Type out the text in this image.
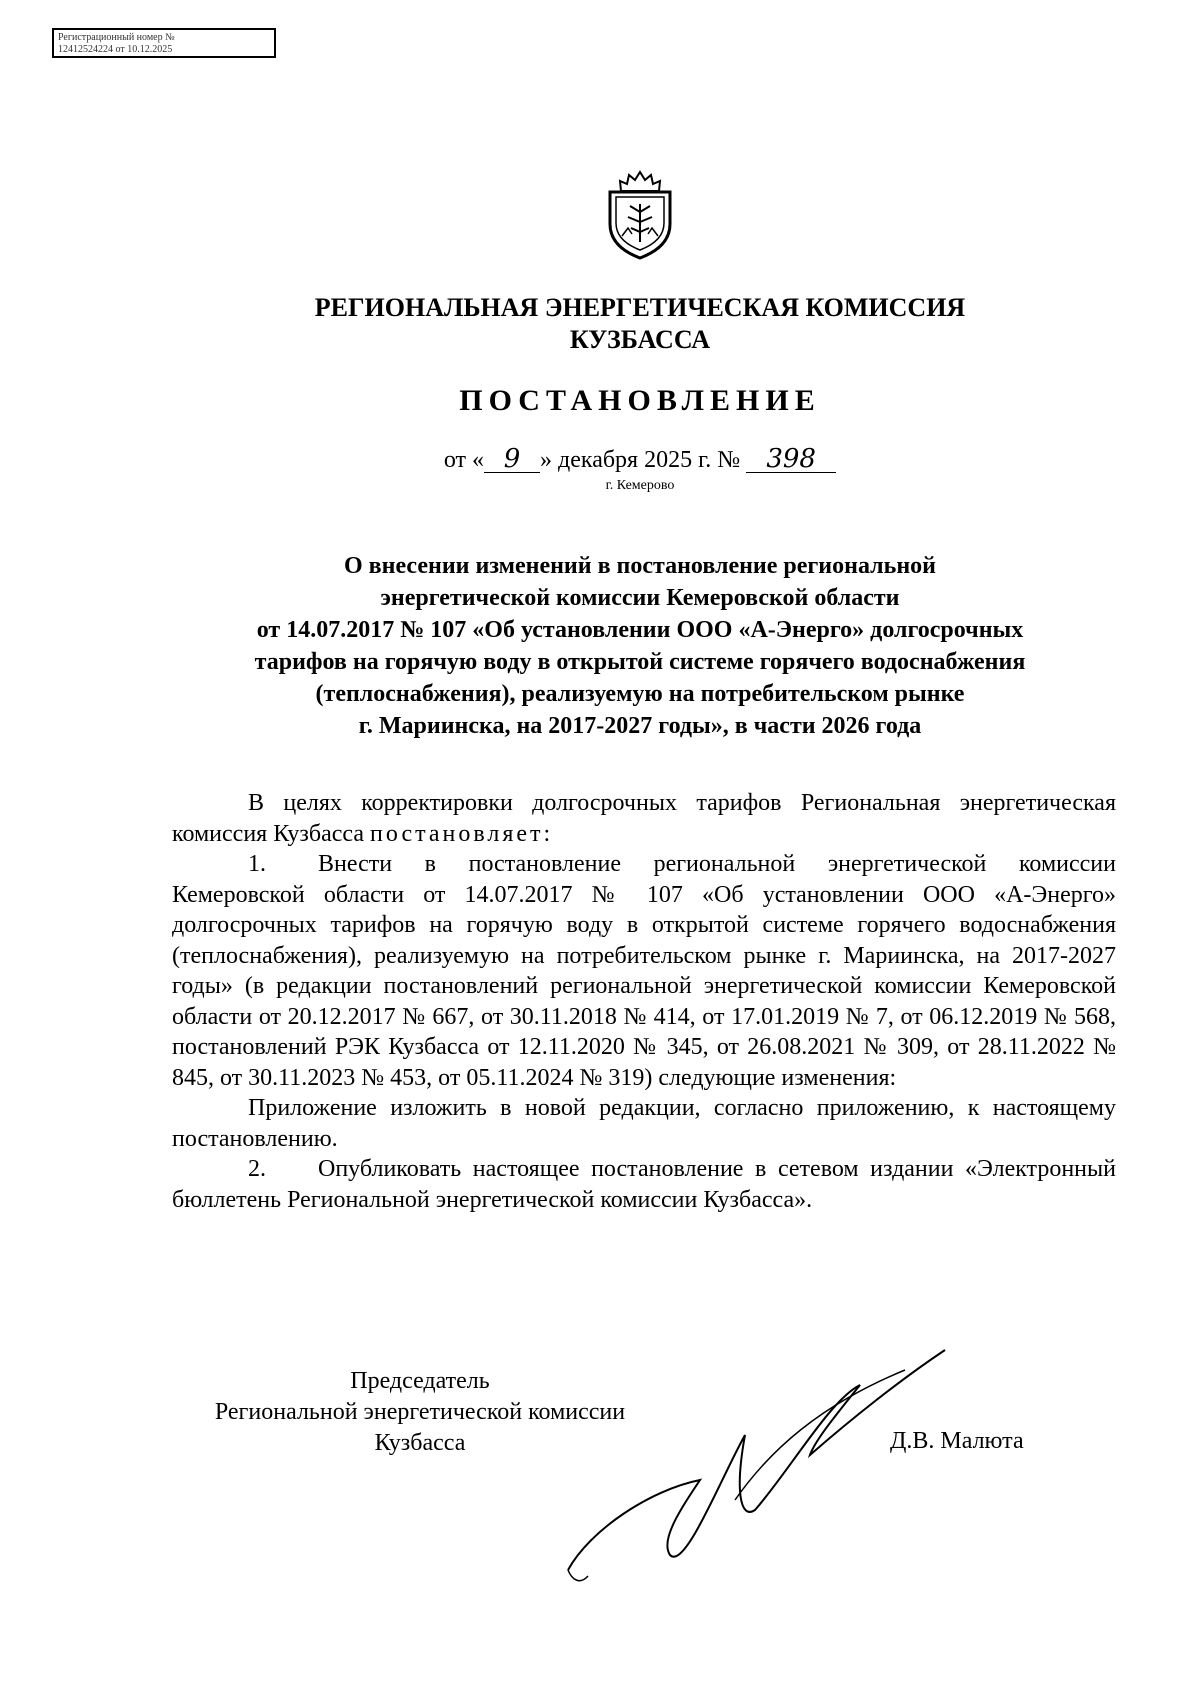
Регистрационный номер №
12412524224 от 10.12.2025
РЕГИОНАЛЬНАЯ ЭНЕРГЕТИЧЕСКАЯ КОМИССИЯ
КУЗБАССА
ПОСТАНОВЛЕНИЕ
от « 9 » декабря 2025 г. № 398
г. Кемерово
О внесении изменений в постановление региональной
энергетической комиссии Кемеровской области
от 14.07.2017 № 107 «Об установлении ООО «А-Энерго» долгосрочных
тарифов на горячую воду в открытой системе горячего водоснабжения
(теплоснабжения), реализуемую на потребительском рынке
г. Мариинска, на 2017-2027 годы», в части 2026 года

В целях корректировки долгосрочных тарифов Региональная энергетическая комиссия Кузбасса постановляет:

1. Внести в постановление региональной энергетической комиссии Кемеровской области от 14.07.2017 № 107 «Об установлении ООО «А-Энерго» долгосрочных тарифов на горячую воду в открытой системе горячего водоснабжения (теплоснабжения), реализуемую на потребительском рынке г. Мариинска, на 2017-2027 годы» (в редакции постановлений региональной энергетической комиссии Кемеровской области от 20.12.2017 № 667, от 30.11.2018 № 414, от 17.01.2019 № 7, от 06.12.2019 № 568, постановлений РЭК Кузбасса от 12.11.2020 № 345, от 26.08.2021 № 309, от 28.11.2022 № 845, от 30.11.2023 № 453, от 05.11.2024 № 319) следующие изменения:

Приложение изложить в новой редакции, согласно приложению, к настоящему постановлению.

2. Опубликовать настоящее постановление в сетевом издании «Электронный бюллетень Региональной энергетической комиссии Кузбасса».

Председатель
Региональной энергетической комиссии
Кузбасса	Д.В. Малюта
